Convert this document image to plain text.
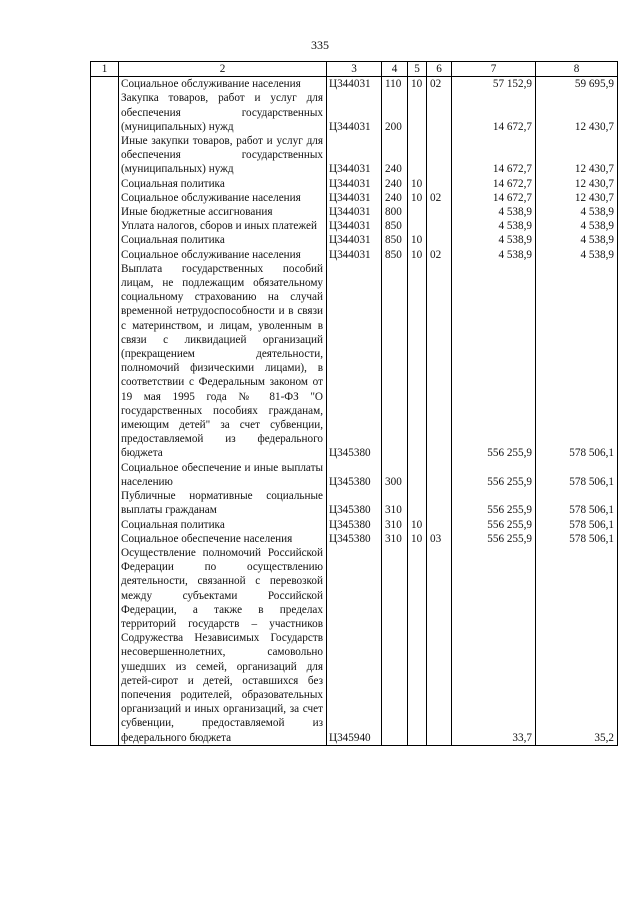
335
1	2	3	4	5	6	7	8
	Социальное обслуживание населения	Ц344031	110	10	02	57 152,9	59 695,9
	Закупка товаров, работ и услуг для обеспечения государственных (муниципальных) нужд	Ц344031	200			14 672,7	12 430,7
	Иные закупки товаров, работ и услуг для обеспечения государственных (муниципальных) нужд	Ц344031	240			14 672,7	12 430,7
	Социальная политика	Ц344031	240	10		14 672,7	12 430,7
	Социальное обслуживание населения	Ц344031	240	10	02	14 672,7	12 430,7
	Иные бюджетные ассигнования	Ц344031	800			4 538,9	4 538,9
	Уплата налогов, сборов и иных платежей	Ц344031	850			4 538,9	4 538,9
	Социальная политика	Ц344031	850	10		4 538,9	4 538,9
	Социальное обслуживание населения	Ц344031	850	10	02	4 538,9	4 538,9
	Выплата государственных пособий лицам, не подлежащим обязательному социальному страхованию на случай временной нетрудоспособности и в связи с материнством, и лицам, уволенным в связи с ликвидацией организаций (прекращением деятельности, полномочий физическими лицами), в соответствии с Федеральным законом от 19 мая 1995 года № 81-ФЗ "О государственных пособиях гражданам, имеющим детей" за счет субвенции, предоставляемой из федерального бюджета	Ц345380				556 255,9	578 506,1
	Социальное обеспечение и иные выплаты населению	Ц345380	300			556 255,9	578 506,1
	Публичные нормативные социальные выплаты гражданам	Ц345380	310			556 255,9	578 506,1
	Социальная политика	Ц345380	310	10		556 255,9	578 506,1
	Социальное обеспечение населения	Ц345380	310	10	03	556 255,9	578 506,1
	Осуществление полномочий Российской Федерации по осуществлению деятельности, связанной с перевозкой между субъектами Российской Федерации, а также в пределах территорий государств – участников Содружества Независимых Государств несовершеннолетних, самовольно ушедших из семей, организаций для детей-сирот и детей, оставшихся без попечения родителей, образовательных организаций и иных организаций, за счет субвенции, предоставляемой из федерального бюджета	Ц345940				33,7	35,2
